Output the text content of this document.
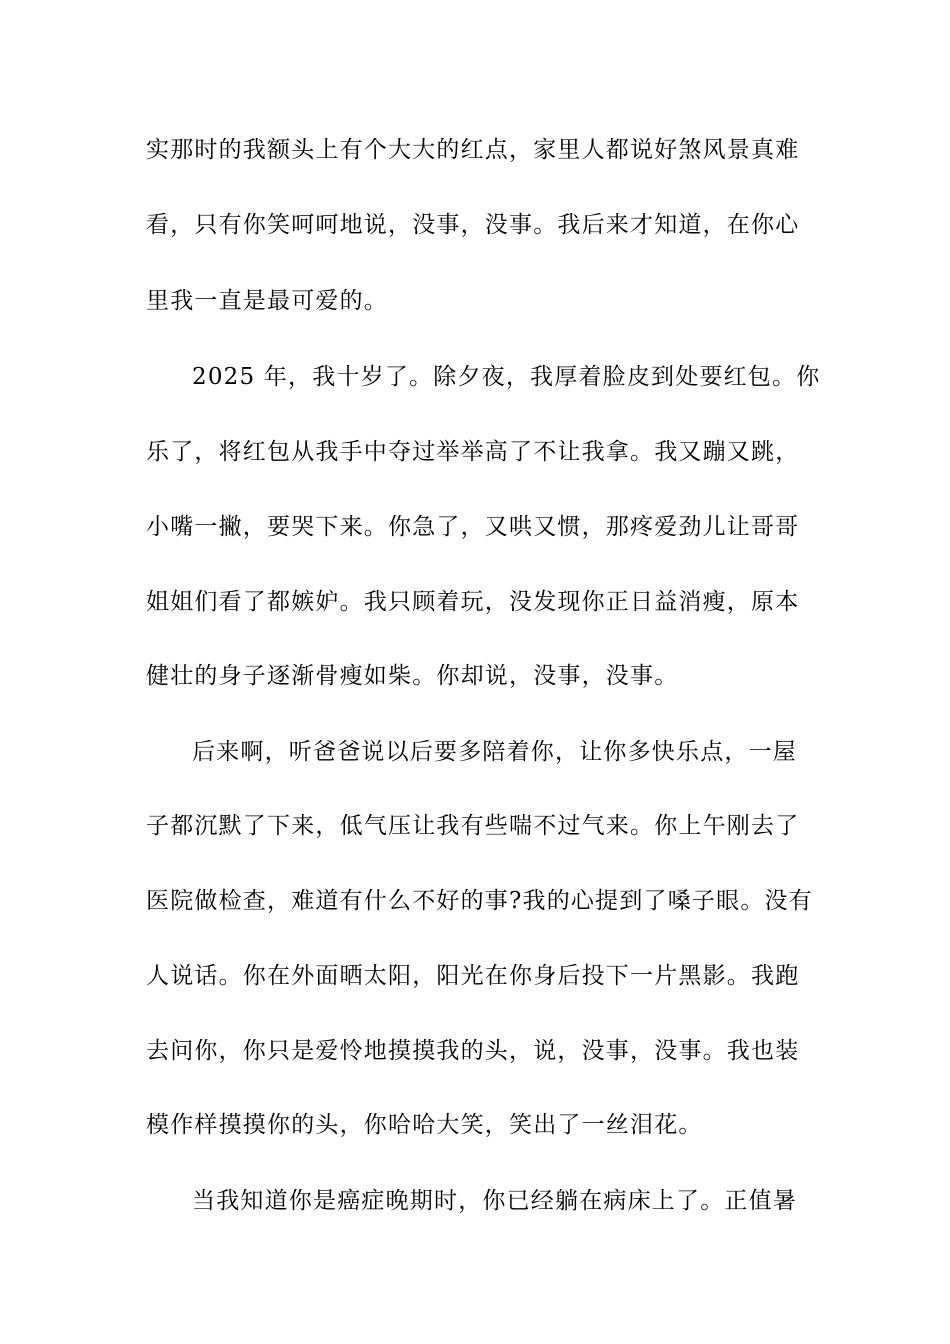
实那时的我额头上有个大大的红点，家里人都说好煞风景真难
看，只有你笑呵呵地说，没事，没事。我后来才知道，在你心
里我一直是最可爱的。
2025 年，我十岁了。除夕夜，我厚着脸皮到处要红包。你
乐了，将红包从我手中夺过举举高了不让我拿。我又蹦又跳，
小嘴一撇，要哭下来。你急了，又哄又惯，那疼爱劲儿让哥哥
姐姐们看了都嫉妒。我只顾着玩，没发现你正日益消瘦，原本
健壮的身子逐渐骨瘦如柴。你却说，没事，没事。
后来啊，听爸爸说以后要多陪着你，让你多快乐点，一屋
子都沉默了下来，低气压让我有些喘不过气来。你上午刚去了
医院做检查，难道有什么不好的事?我的心提到了嗓子眼。没有
人说话。你在外面晒太阳，阳光在你身后投下一片黑影。我跑
去问你，你只是爱怜地摸摸我的头，说，没事，没事。我也装
模作样摸摸你的头，你哈哈大笑，笑出了一丝泪花。
当我知道你是癌症晚期时，你已经躺在病床上了。正值暑
